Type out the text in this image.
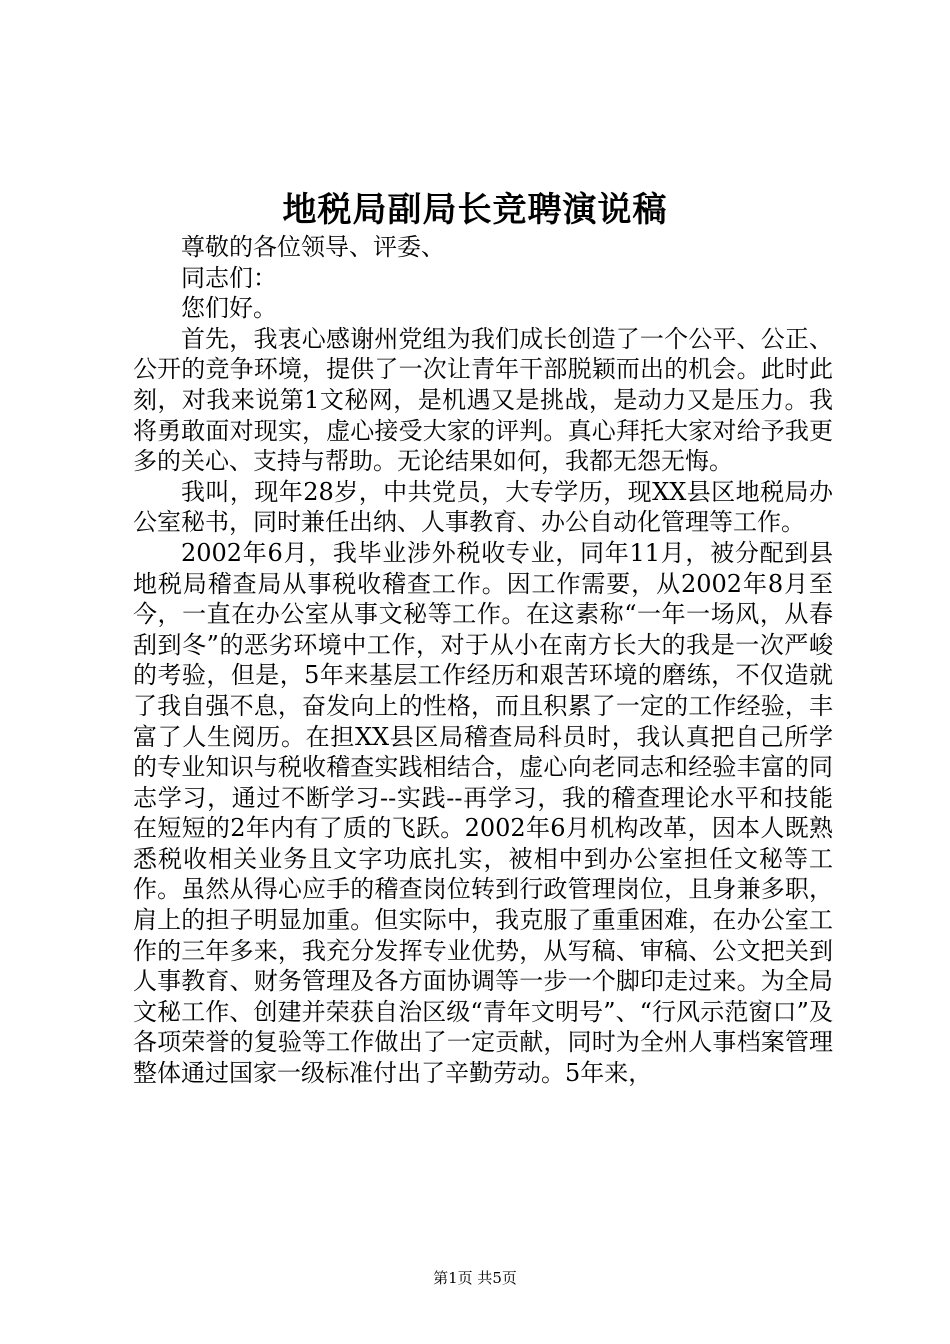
地税局副局长竞聘演说稿

尊敬的各位领导、评委、

同志们：

您们好。

首先，我衷心感谢州党组为我们成长创造了一个公平、公正、公开的竞争环境，提供了一次让青年干部脱颖而出的机会。此时此刻，对我来说第1文秘网，是机遇又是挑战，是动力又是压力。我将勇敢面对现实，虚心接受大家的评判。真心拜托大家对给予我更多的关心、支持与帮助。无论结果如何，我都无怨无悔。

我叫，现年28岁，中共党员，大专学历，现XX县区地税局办公室秘书，同时兼任出纳、人事教育、办公自动化管理等工作。

2002年6月，我毕业涉外税收专业，同年11月，被分配到县地税局稽查局从事税收稽查工作。因工作需要，从2002年8月至今，一直在办公室从事文秘等工作。在这素称“一年一场风，从春刮到冬”的恶劣环境中工作，对于从小在南方长大的我是一次严峻的考验，但是，5年来基层工作经历和艰苦环境的磨练，不仅造就了我自强不息，奋发向上的性格，而且积累了一定的工作经验，丰富了人生阅历。在担XX县区局稽查局科员时，我认真把自己所学的专业知识与税收稽查实践相结合，虚心向老同志和经验丰富的同志学习，通过不断学习--实践--再学习，我的稽查理论水平和技能在短短的2年内有了质的飞跃。2002年6月机构改革，因本人既熟悉税收相关业务且文字功底扎实，被相中到办公室担任文秘等工作。虽然从得心应手的稽查岗位转到行政管理岗位，且身兼多职，肩上的担子明显加重。但实际中，我克服了重重困难，在办公室工作的三年多来，我充分发挥专业优势，从写稿、审稿、公文把关到人事教育、财务管理及各方面协调等一步一个脚印走过来。为全局文秘工作、创建并荣获自治区级“青年文明号”、“行风示范窗口”及各项荣誉的复验等工作做出了一定贡献，同时为全州人事档案管理整体通过国家一级标准付出了辛勤劳动。5年来，

第1页 共5页
